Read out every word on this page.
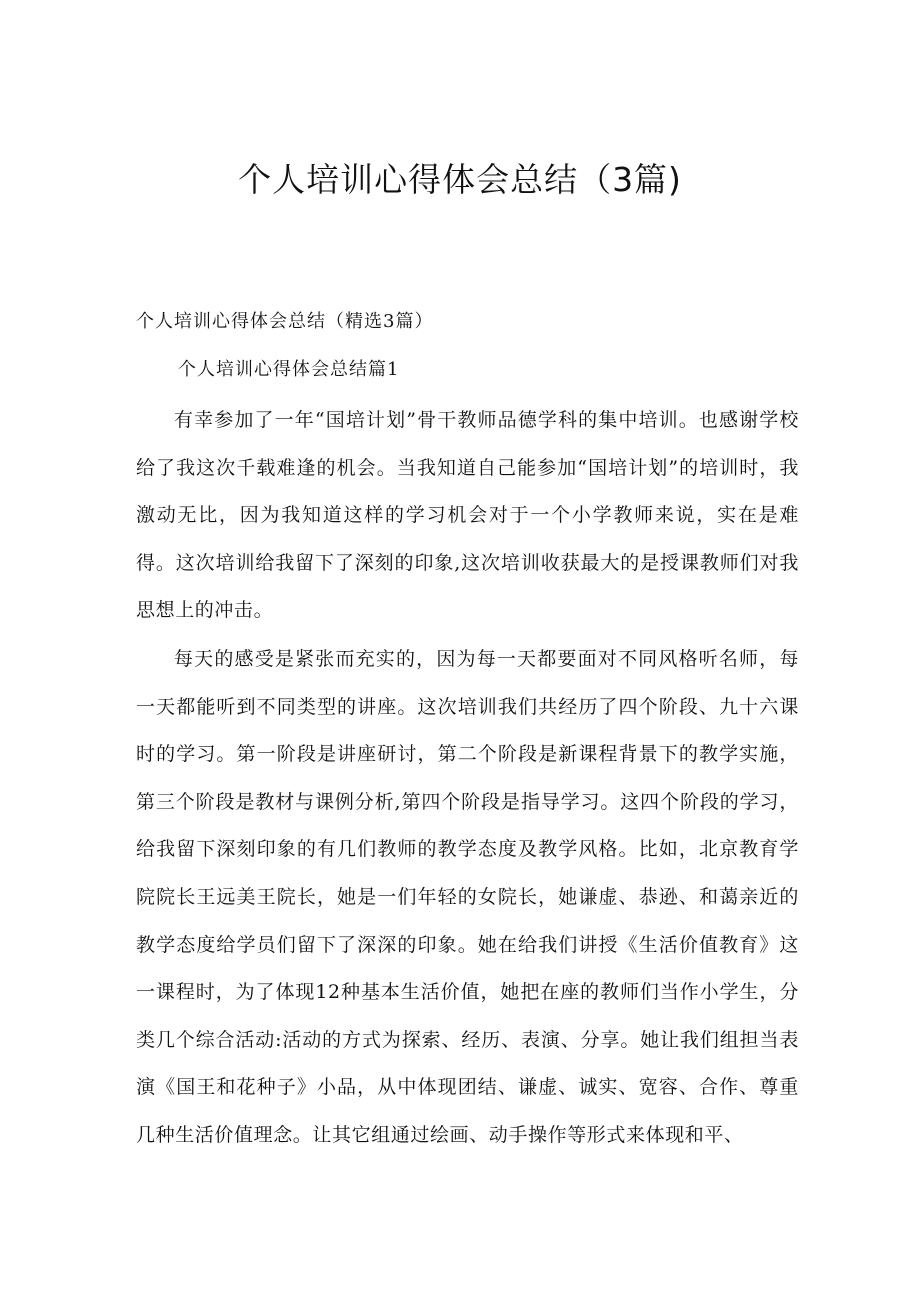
个人培训心得体会总结（3篇)

个人培训心得体会总结（精选3篇）

个人培训心得体会总结篇1

有幸参加了一年“国培计划”骨干教师品德学科的集中培训。也感谢学校给了我这次千载难逢的机会。当我知道自己能参加“国培计划”的培训时，我激动无比，因为我知道这样的学习机会对于一个小学教师来说，实在是难得。这次培训给我留下了深刻的印象,这次培训收获最大的是授课教师们对我思想上的冲击。

每天的感受是紧张而充实的，因为每一天都要面对不同风格听名师，每一天都能听到不同类型的讲座。这次培训我们共经历了四个阶段、九十六课时的学习。第一阶段是讲座研讨，第二个阶段是新课程背景下的教学实施，第三个阶段是教材与课例分析,第四个阶段是指导学习。这四个阶段的学习，给我留下深刻印象的有几们教师的教学态度及教学风格。比如，北京教育学院院长王远美王院长，她是一们年轻的女院长，她谦虚、恭逊、和蔼亲近的教学态度给学员们留下了深深的印象。她在给我们讲授《生活价值教育》这一课程时，为了体现12种基本生活价值，她把在座的教师们当作小学生，分类几个综合活动:活动的方式为探索、经历、表演、分享。她让我们组担当表演《国王和花种子》小品，从中体现团结、谦虚、诚实、宽容、合作、尊重几种生活价值理念。让其它组通过绘画、动手操作等形式来体现和平、
